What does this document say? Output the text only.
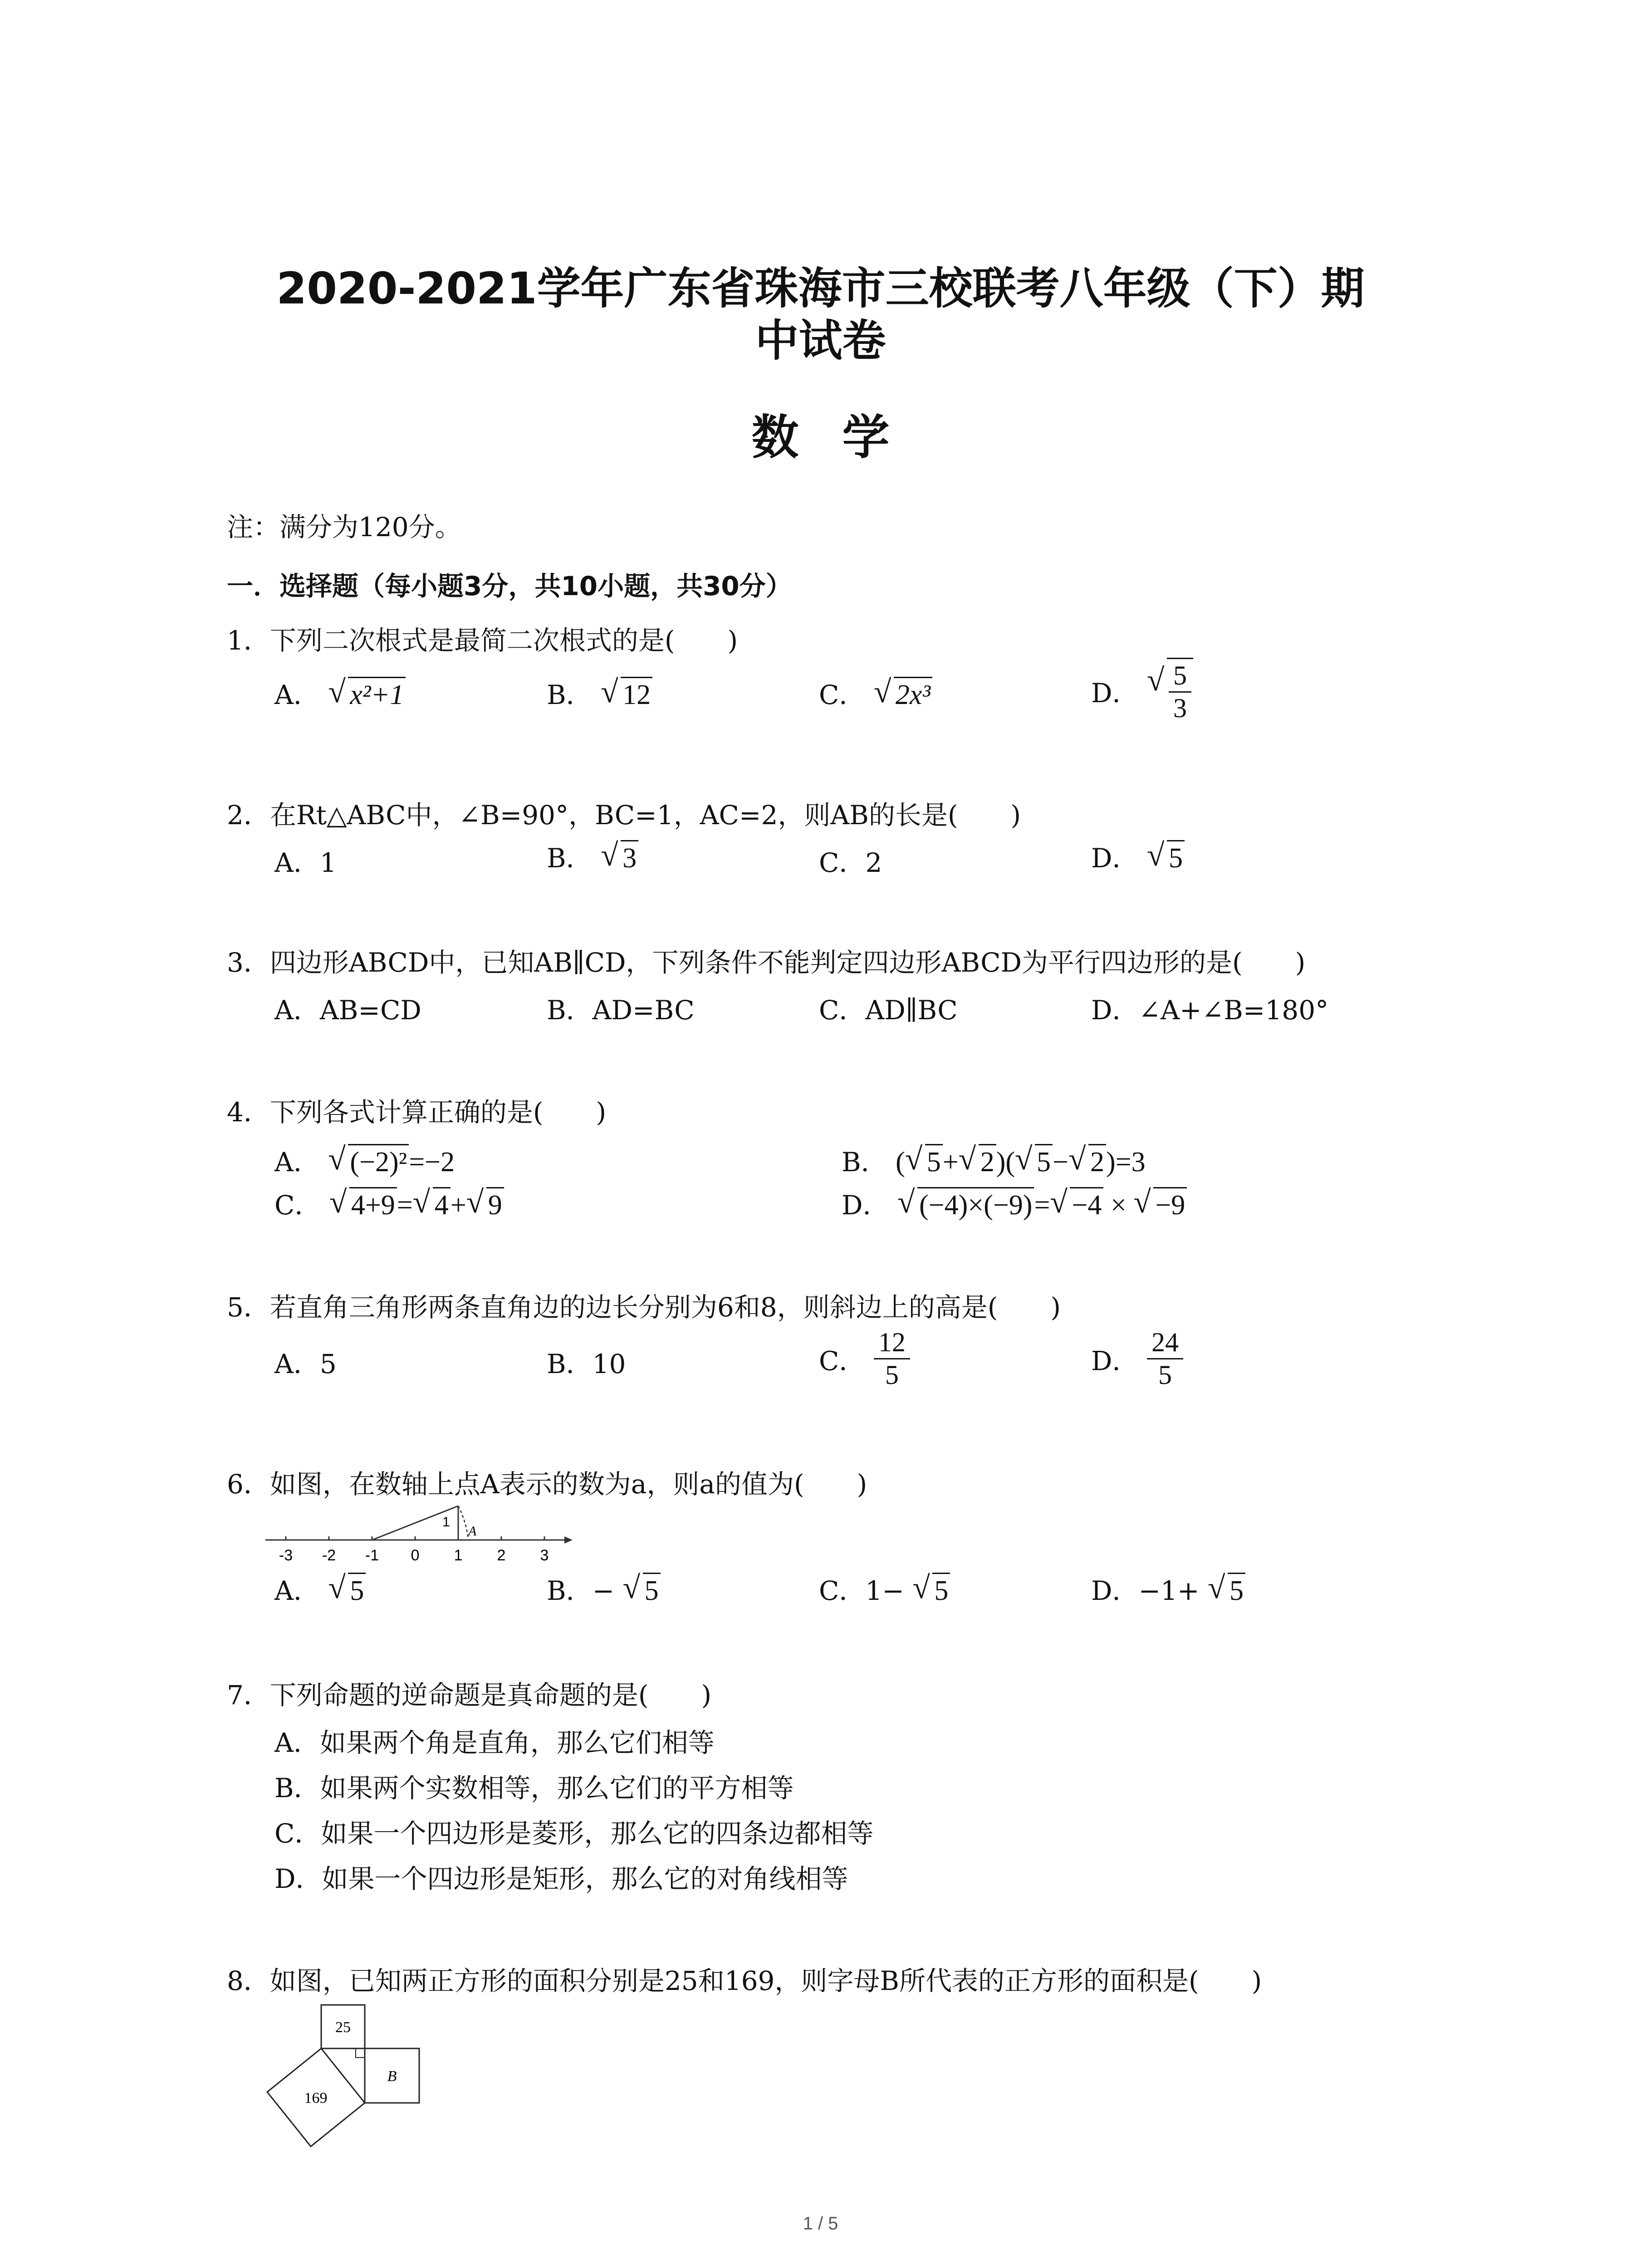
2020-2021学年广东省珠海市三校联考八年级（下）期
中试卷
数学
注：满分为120分。
一．选择题（每小题3分，共10小题，共30分）
1．下列二次根式是最简二次根式的是(　　)
A． √ x²+1	B． √ 12	C． √ 2x³	D． √ $\frac{5}{3}$
2．在Rt△ABC中，∠B=90°，BC=1，AC=2，则AB的长是(　　)
A．1	B． √ 3	C．2	D． √ 5
3．四边形ABCD中，已知AB∥CD，下列条件不能判定四边形ABCD为平行四边形的是(　　)
A．AB=CD	B．AD=BC	C．AD∥BC	D．∠A+∠B=180°
4．下列各式计算正确的是(　　)
A． √ (−2)²=−2	B． ( √ 5+ √ 2)( √ 5− √ 2)=3
C． √ 4+9= √ 4+ √ 9	D． √ (−4)×(−9)= √ −4 × √ −9
5．若直角三角形两条直角边的边长分别为6和8，则斜边上的高是(　　)
A．5	B．10	C． $\frac{12}{5}$	D． $\frac{24}{5}$
6．如图，在数轴上点A表示的数为a，则a的值为(　　)
1
A
-3 -2 -1 0 1 2 3
A． √ 5	B．− √ 5	C．1− √ 5	D．−1+ √ 5
7．下列命题的逆命题是真命题的是(　　)
A．如果两个角是直角，那么它们相等
B．如果两个实数相等，那么它们的平方相等
C．如果一个四边形是菱形，那么它的四条边都相等
D．如果一个四边形是矩形，那么它的对角线相等
8．如图，已知两正方形的面积分别是25和169，则字母B所代表的正方形的面积是(　　)
25
169
B
1 / 5
